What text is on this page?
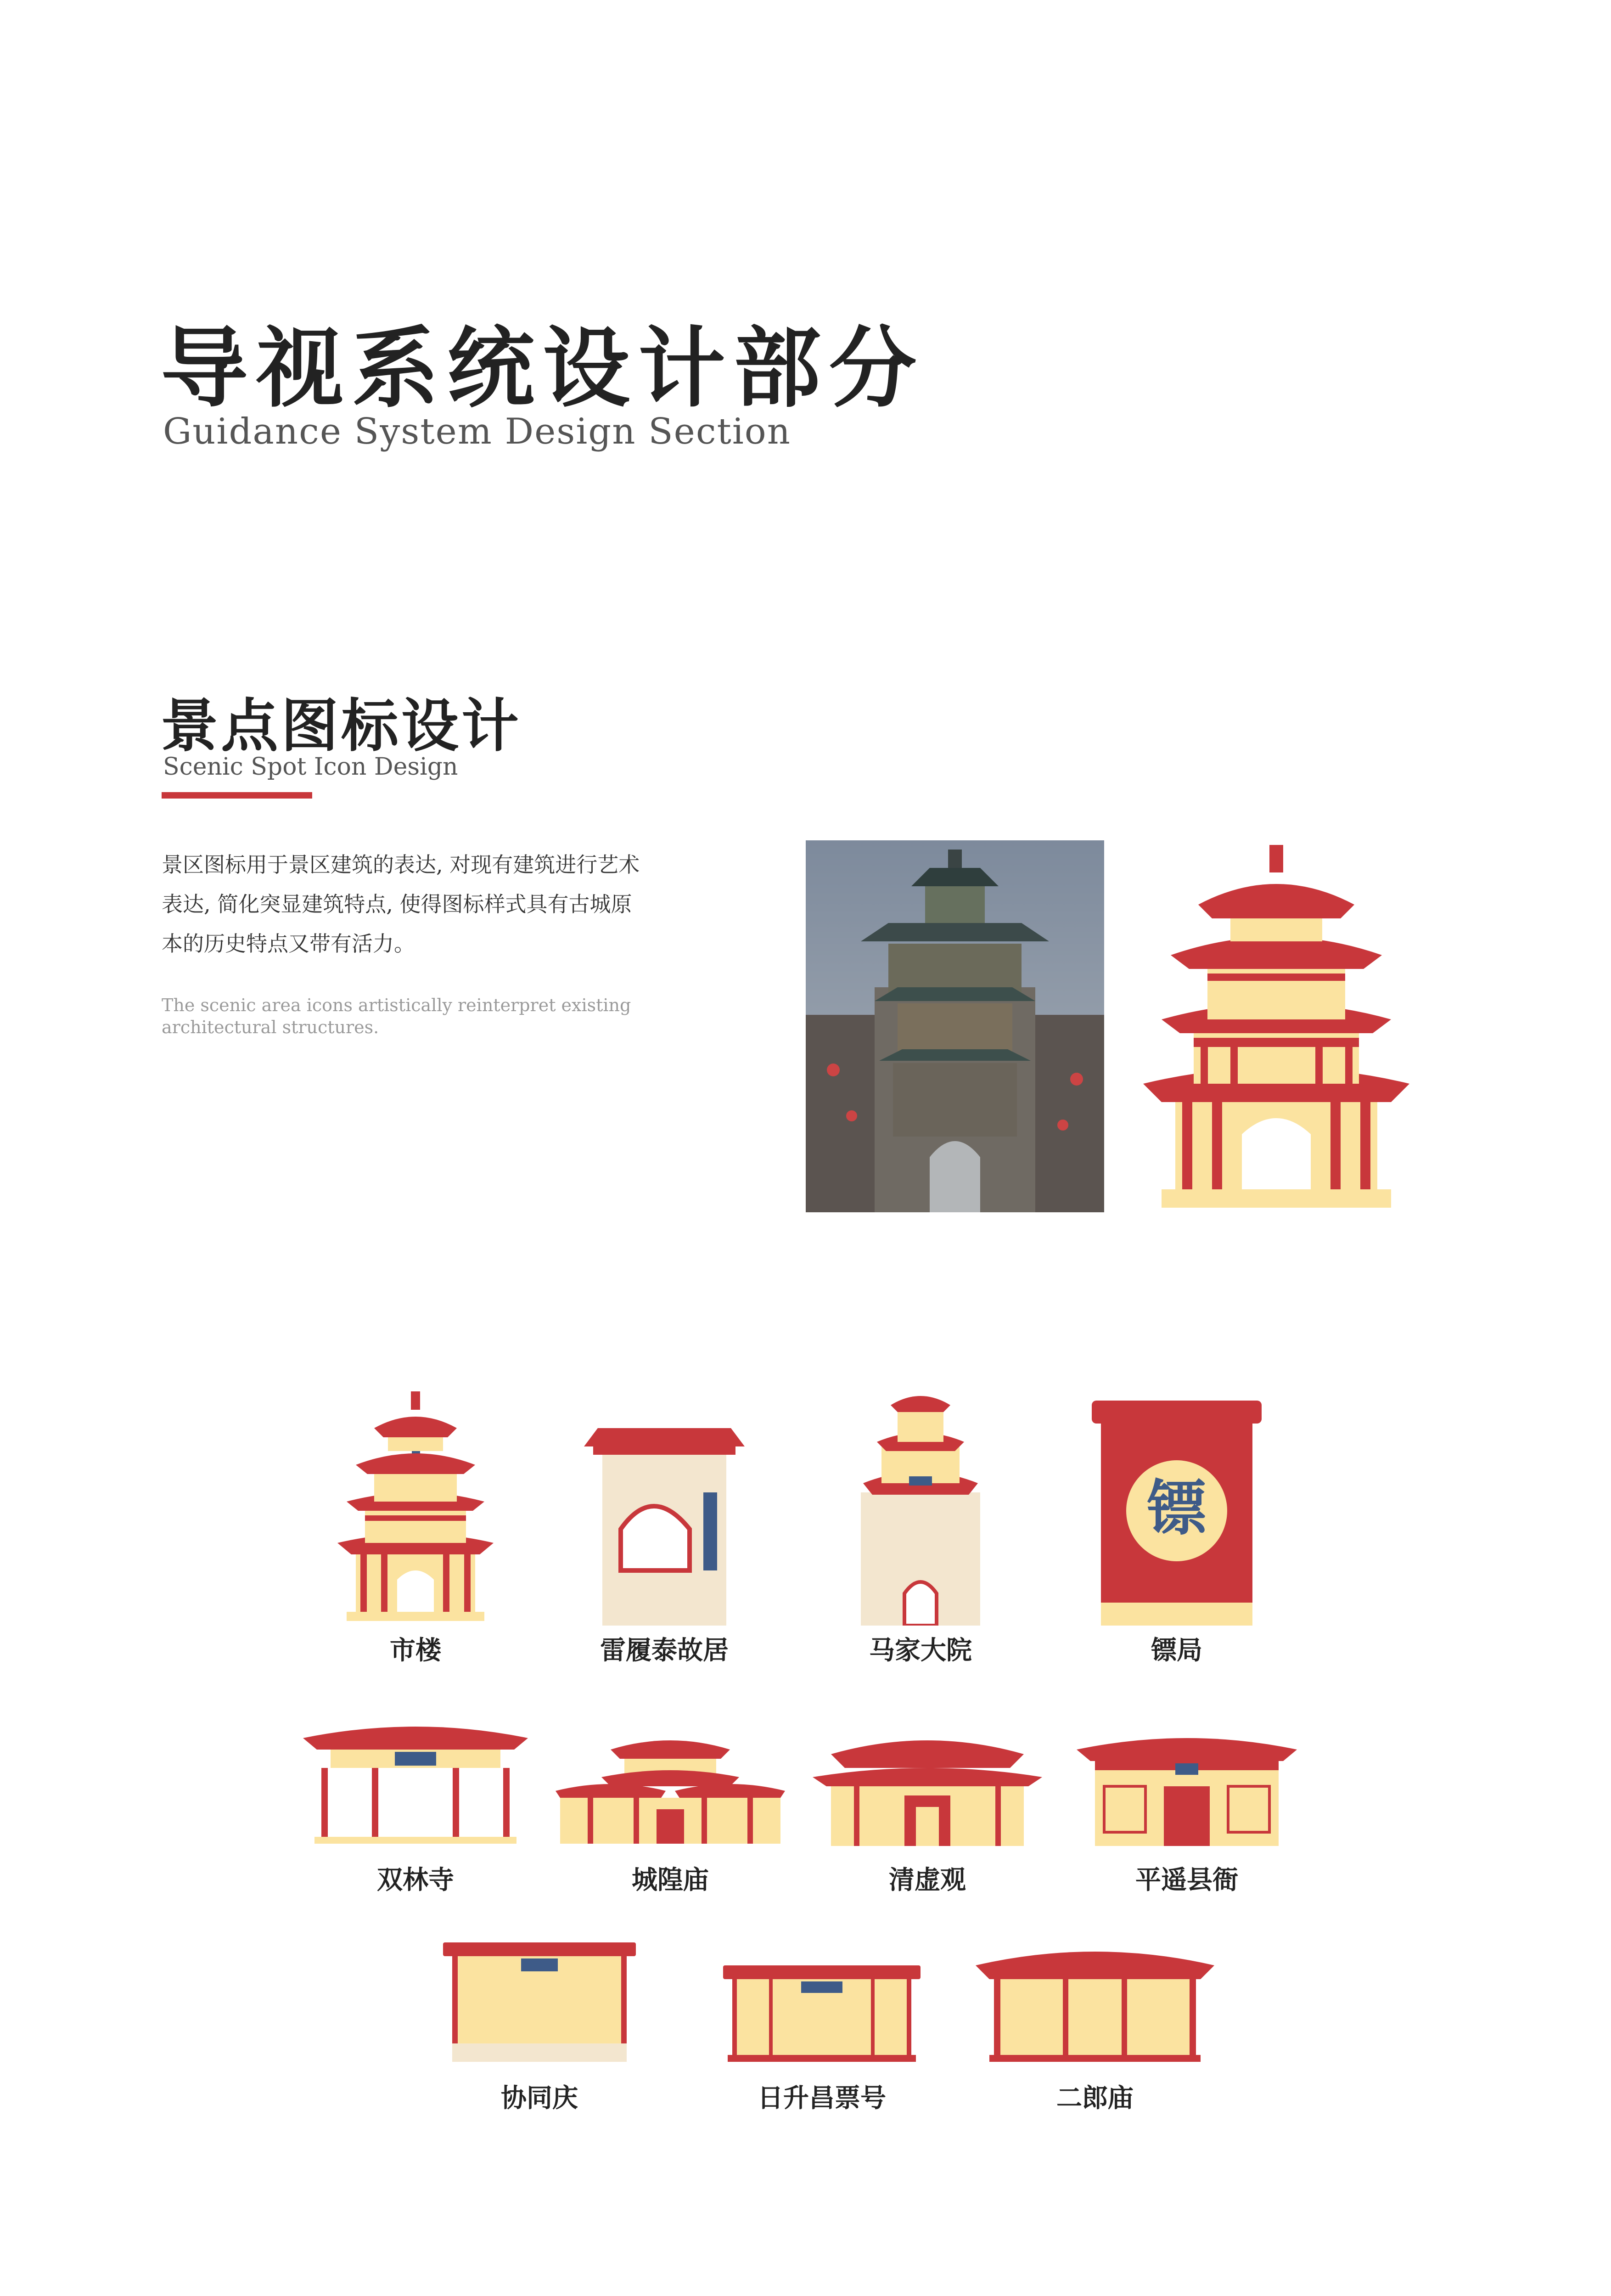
导视系统设计部分
Guidance System Design Section
景点图标设计
Scenic Spot Icon Design
景区图标用于景区建筑的表达, 对现有建筑进行艺术表达, 简化突显建筑特点, 使得图标样式具有古城原本的历史特点又带有活力。
The scenic area icons artistically reinterpret existing architectural structures.
市楼	雷履泰故居	马家大院
镖
镖局
双林寺	城隍庙	清虚观	平遥县衙
协同庆	日升昌票号	二郎庙
